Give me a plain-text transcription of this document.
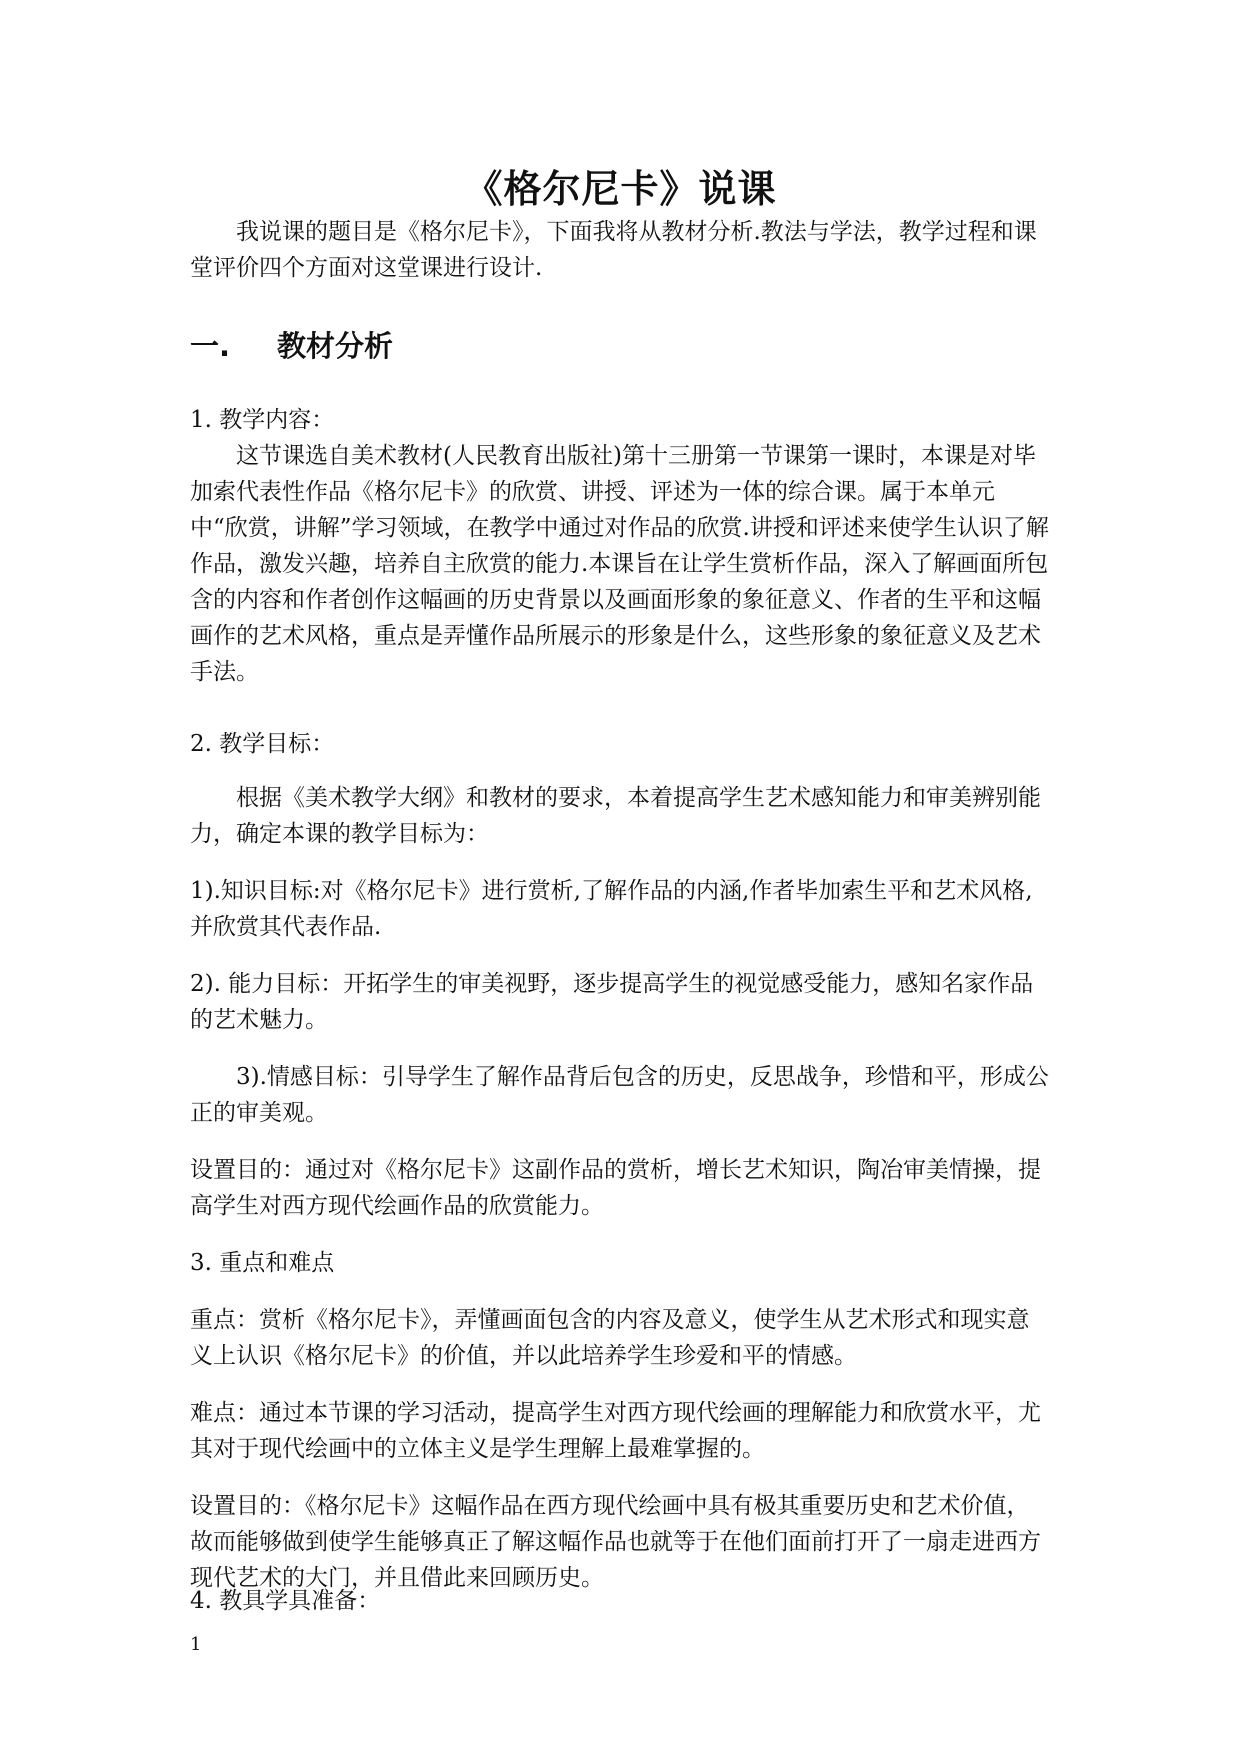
《格尔尼卡》说课
我说课的题目是《格尔尼卡》，下面我将从教材分析.教法与学法，教学过程和课堂评价四个方面对这堂课进行设计.
一. 教材分析
1. 教学内容：
这节课选自美术教材(人民教育出版社)第十三册第一节课第一课时，本课是对毕加索代表性作品《格尔尼卡》的欣赏、讲授、评述为一体的综合课。属于本单元中“欣赏，讲解”学习领域，在教学中通过对作品的欣赏.讲授和评述来使学生认识了解作品，激发兴趣，培养自主欣赏的能力.本课旨在让学生赏析作品，深入了解画面所包含的内容和作者创作这幅画的历史背景以及画面形象的象征意义、作者的生平和这幅画作的艺术风格，重点是弄懂作品所展示的形象是什么，这些形象的象征意义及艺术手法。
2. 教学目标：
根据《美术教学大纲》和教材的要求，本着提高学生艺术感知能力和审美辨别能力，确定本课的教学目标为：
1).知识目标:对《格尔尼卡》进行赏析,了解作品的内涵,作者毕加索生平和艺术风格,并欣赏其代表作品.
2). 能力目标：开拓学生的审美视野，逐步提高学生的视觉感受能力，感知名家作品的艺术魅力。
3).情感目标：引导学生了解作品背后包含的历史，反思战争，珍惜和平，形成公正的审美观。
设置目的：通过对《格尔尼卡》这副作品的赏析，增长艺术知识，陶冶审美情操，提高学生对西方现代绘画作品的欣赏能力。
3. 重点和难点
重点：赏析《格尔尼卡》，弄懂画面包含的内容及意义，使学生从艺术形式和现实意义上认识《格尔尼卡》的价值，并以此培养学生珍爱和平的情感。
难点：通过本节课的学习活动，提高学生对西方现代绘画的理解能力和欣赏水平，尤其对于现代绘画中的立体主义是学生理解上最难掌握的。
设置目的：《格尔尼卡》这幅作品在西方现代绘画中具有极其重要历史和艺术价值，故而能够做到使学生能够真正了解这幅作品也就等于在他们面前打开了一扇走进西方现代艺术的大门，并且借此来回顾历史。
4. 教具学具准备：
1
